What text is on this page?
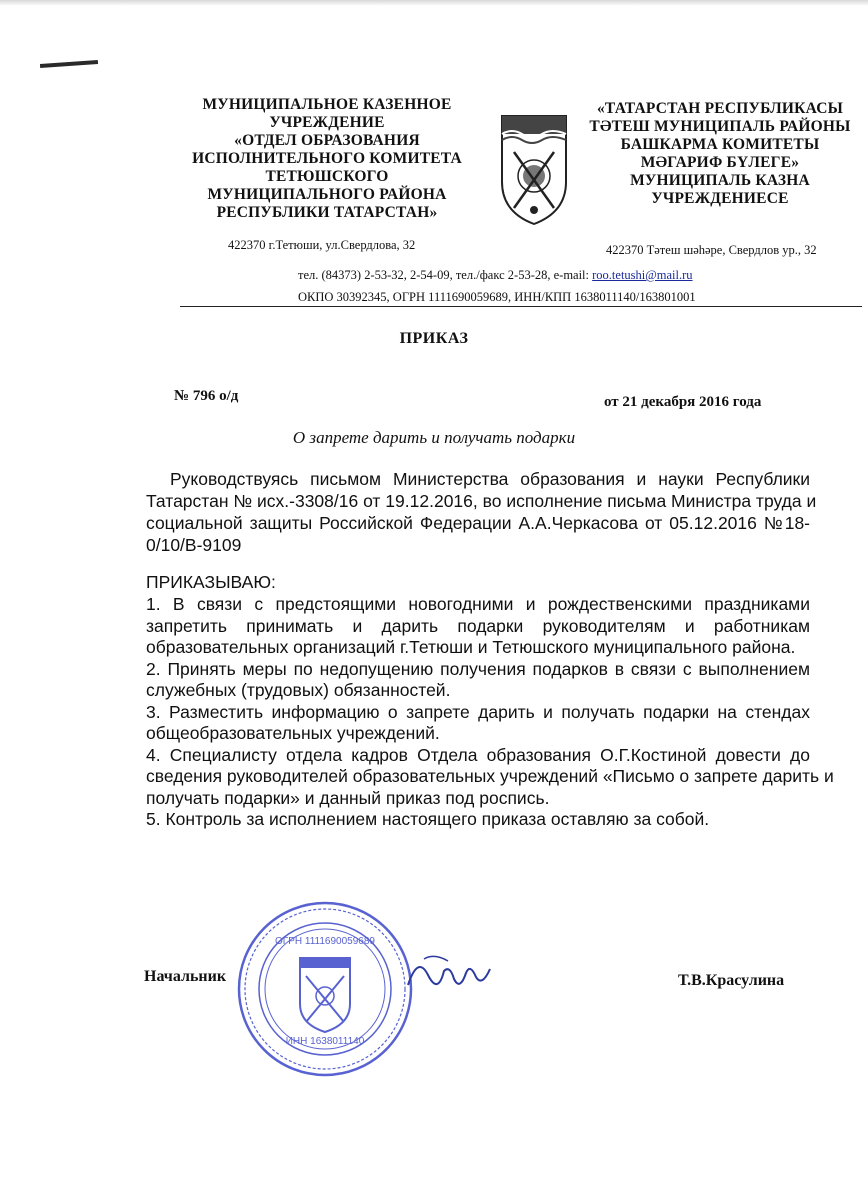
МУНИЦИПАЛЬНОЕ КАЗЕННОЕ
УЧРЕЖДЕНИЕ
«ОТДЕЛ ОБРАЗОВАНИЯ
ИСПОЛНИТЕЛЬНОГО КОМИТЕТА
ТЕТЮШСКОГО
МУНИЦИПАЛЬНОГО РАЙОНА
РЕСПУБЛИКИ ТАТАРСТАН»
422370 г.Тетюши, ул.Свердлова, 32
«ТАТАРСТАН РЕСПУБЛИКАСЫ
ТӘТЕШ МУНИЦИПАЛЬ РАЙОНЫ
БАШКАРМА КОМИТЕТЫ
МӘГАРИФ БҮЛЕГЕ»
МУНИЦИПАЛЬ КАЗНА
УЧРЕЖДЕНИЕСЕ
422370 Тәтеш шәһәре, Свердлов ур., 32
тел. (84373) 2-53-32, 2-54-09, тел./факс 2-53-28, e-mail: roo.tetushi@mail.ru
ОКПО 30392345, ОГРН 1111690059689, ИНН/КПП 1638011140/163801001
ПРИКАЗ
№ 796 о/д	от 21 декабря 2016 года
О запрете дарить и получать подарки
Руководствуясь письмом Министерства образования и науки Республики
Татарстан № исх.-3308/16 от 19.12.2016, во исполнение письма Министра труда и
социальной защиты Российской Федерации А.А.Черкасова от 05.12.2016 №18-
0/10/В-9109
ПРИКАЗЫВАЮ:
1. В связи с предстоящими новогодними и рождественскими праздниками
запретить принимать и дарить подарки руководителям и работникам
образовательных организаций г.Тетюши и Тетюшского муниципального района.
2. Принять меры по недопущению получения подарков в связи с выполнением
служебных (трудовых) обязанностей.
3. Разместить информацию о запрете дарить и получать подарки на стендах
общеобразовательных учреждений.
4. Специалисту отдела кадров Отдела образования О.Г.Костиной довести до
сведения руководителей образовательных учреждений «Письмо о запрете дарить и
получать подарки» и данный приказ под роспись.
5. Контроль за исполнением настоящего приказа оставляю за собой.
Начальник	Т.В.Красулина
ОГРН 1111690059689
ИНН 1638011140
